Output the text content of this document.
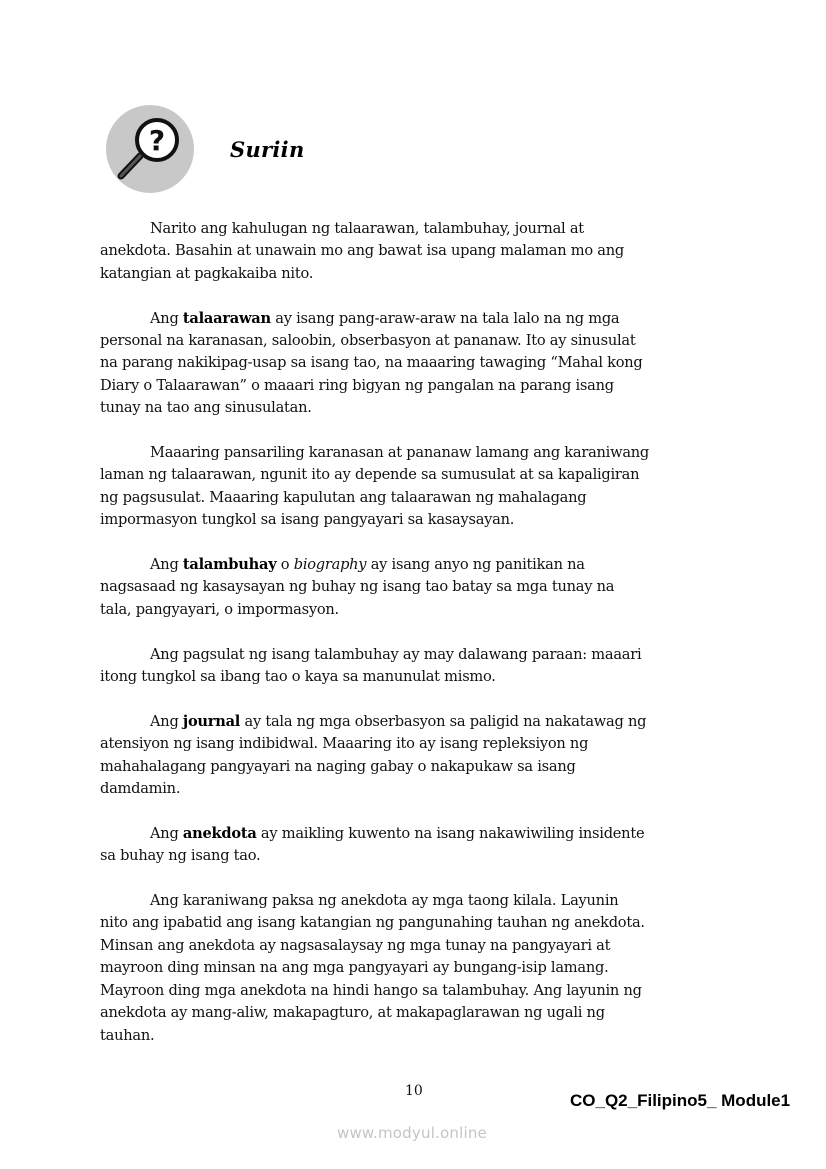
?	Suriin

Narito ang kahulugan ng talaarawan, talambuhay, journal at
anekdota. Basahin at unawain mo ang bawat isa upang malaman mo ang
katangian at pagkakaiba nito.

Ang talaarawan ay isang pang-araw-araw na tala lalo na ng mga
personal na karanasan, saloobin, obserbasyon at pananaw. Ito ay sinusulat
na parang nakikipag-usap sa isang tao, na maaaring tawaging “Mahal kong
Diary o Talaarawan” o maaari ring bigyan ng pangalan na parang isang
tunay na tao ang sinusulatan.

Maaaring pansariling karanasan at pananaw lamang ang karaniwang
laman ng talaarawan, ngunit ito ay depende sa sumusulat at sa kapaligiran
ng pagsusulat. Maaaring kapulutan ang talaarawan ng mahalagang
impormasyon tungkol sa isang pangyayari sa kasaysayan.

Ang talambuhay o biography ay isang anyo ng panitikan na
nagsasaad ng kasaysayan ng buhay ng isang tao batay sa mga tunay na
tala, pangyayari, o impormasyon.

Ang pagsulat ng isang talambuhay ay may dalawang paraan: maaari
itong tungkol sa ibang tao o kaya sa manunulat mismo.

Ang journal ay tala ng mga obserbasyon sa paligid na nakatawag ng
atensiyon ng isang indibidwal. Maaaring ito ay isang repleksiyon ng
mahahalagang pangyayari na naging gabay o nakapukaw sa isang
damdamin.

Ang anekdota ay maikling kuwento na isang nakawiwiling insidente
sa buhay ng isang tao.

Ang karaniwang paksa ng anekdota ay mga taong kilala. Layunin
nito ang ipabatid ang isang katangian ng pangunahing tauhan ng anekdota.
Minsan ang anekdota ay nagsasalaysay ng mga tunay na pangyayari at
mayroon ding minsan na ang mga pangyayari ay bungang-isip lamang.
Mayroon ding mga anekdota na hindi hango sa talambuhay. Ang layunin ng
anekdota ay mang-aliw, makapagturo, at makapaglarawan ng ugali ng
tauhan.

10	CO_Q2_Filipino5_ Module1
www.modyul.online
